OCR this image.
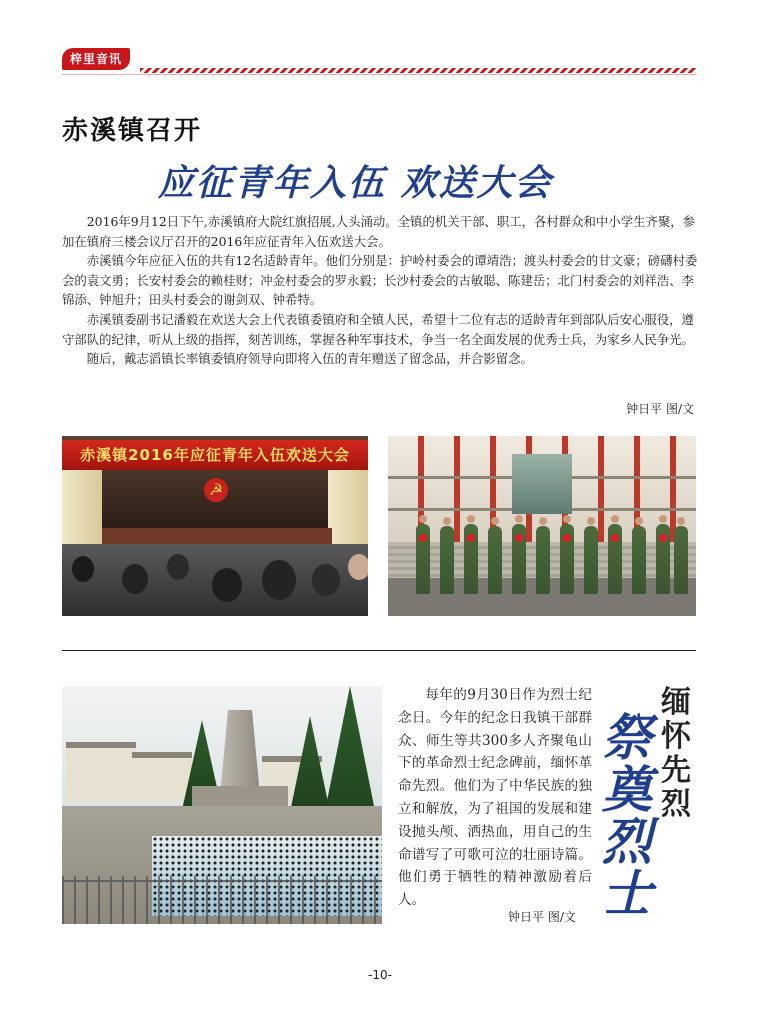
梓里音讯
赤溪镇召开
应征青年入伍 欢送大会

2016年9月12日下午,赤溪镇府大院红旗招展,人头涌动。全镇的机关干部、职工，各村群众和中小学生齐聚，参加在镇府三楼会议厅召开的2016年应征青年入伍欢送大会。

赤溪镇今年应征入伍的共有12名适龄青年。他们分别是：护岭村委会的谭靖浩；渡头村委会的甘文豪；磅礴村委会的袁文勇；长安村委会的赖桂财；冲金村委会的罗永毅；长沙村委会的古敏聪、陈建岳；北门村委会的刘祥浩、李锦添、钟旭升；田头村委会的谢剑双、钟希特。

赤溪镇委副书记潘毅在欢送大会上代表镇委镇府和全镇人民，希望十二位有志的适龄青年到部队后安心服役，遵守部队的纪律，听从上级的指挥，刻苦训练，掌握各种军事技术，争当一名全面发展的优秀士兵，为家乡人民争光。

随后，戴志滔镇长率镇委镇府领导向即将入伍的青年赠送了留念品，并合影留念。

钟日平 图/文
赤溪镇2016年应征青年入伍欢送大会
☭

每年的9月30日作为烈士纪念日。今年的纪念日我镇干部群众、师生等共300多人齐聚龟山下的革命烈士纪念碑前，缅怀革命先烈。他们为了中华民族的独立和解放，为了祖国的发展和建设抛头颅、洒热血，用自己的生命谱写了可歌可泣的壮丽诗篇。他们勇于牺牲的精神激励着后人。

钟日平 图/文
缅怀先烈
祭奠烈士
-10-
